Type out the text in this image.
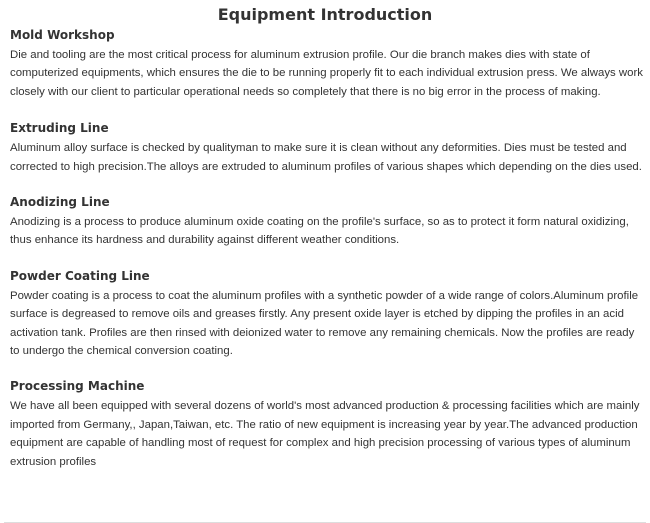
Equipment Introduction
Mold Workshop

Die and tooling are the most critical process for aluminum extrusion profile. Our die branch makes dies with state of computerized equipments, which ensures the die to be running properly fit to each individual extrusion press. We always work closely with our client to particular operational needs so completely that there is no big error in the process of making.

Extruding Line

Aluminum alloy surface is checked by qualityman to make sure it is clean without any deformities. Dies must be tested and corrected to high precision.The alloys are extruded to aluminum profiles of various shapes which depending on the dies used.

Anodizing Line

Anodizing is a process to produce aluminum oxide coating on the profile's surface, so as to protect it form natural oxidizing, thus enhance its hardness and durability against different weather conditions.

Powder Coating Line

Powder coating is a process to coat the aluminum profiles with a synthetic powder of a wide range of colors.Aluminum profile surface is degreased to remove oils and greases firstly. Any present oxide layer is etched by dipping the profiles in an acid activation tank. Profiles are then rinsed with deionized water to remove any remaining chemicals. Now the profiles are ready to undergo the chemical conversion coating.

Processing Machine

We have all been equipped with several dozens of world's most advanced production & processing facilities which are mainly imported from Germany,, Japan,Taiwan, etc. The ratio of new equipment is increasing year by year.The advanced production equipment are capable of handling most of request for complex and high precision processing of various types of aluminum extrusion profiles
